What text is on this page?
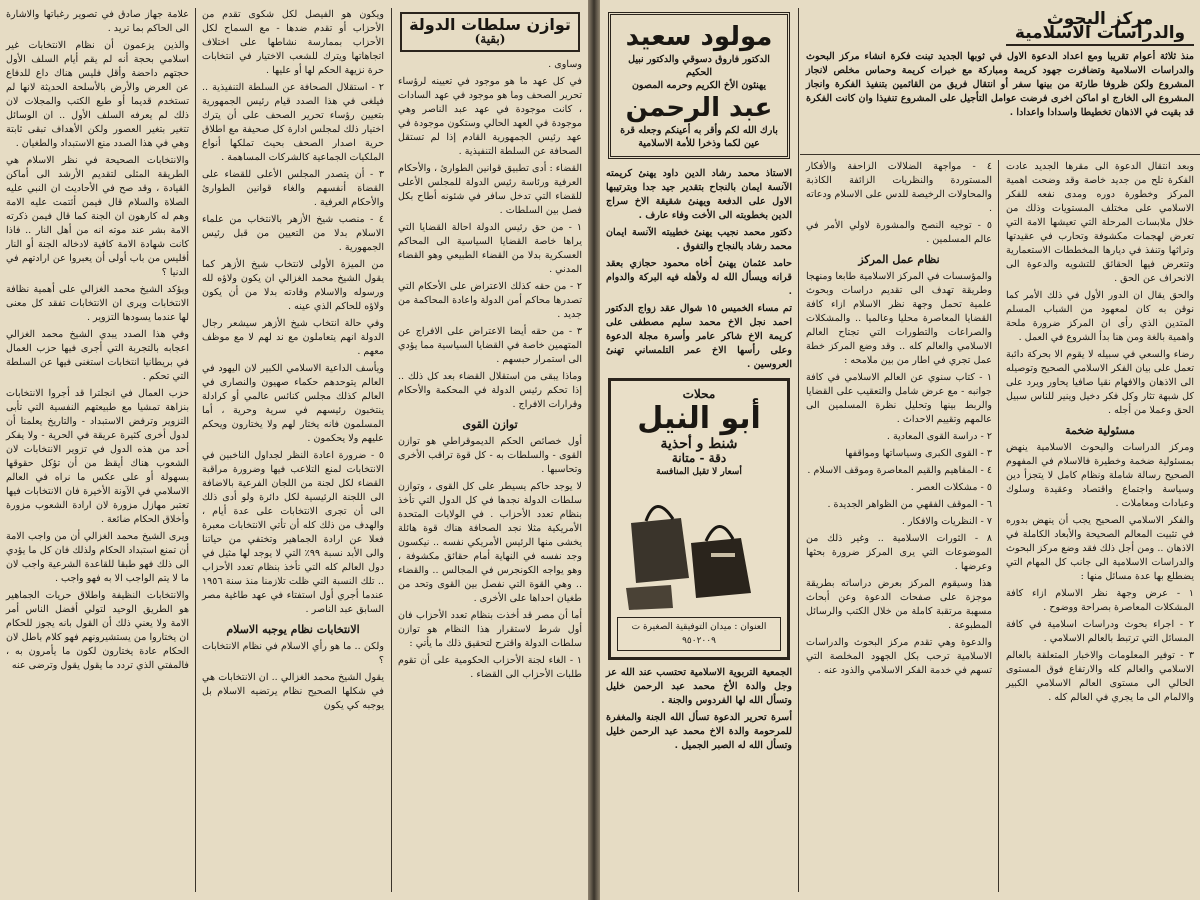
توازن سلطات الدولة
(بقية)

وساوى .

في كل عهد ما هو موجود في تعيينه لرؤساء تحرير الصحف وما هو موجود في عهد السادات ، كانت موجودة في عهد عبد الناصر وهي موجودة في العهد الحالي وستكون موجودة في عهد رئيس الجمهورية القادم إذا لم تستقل الصحافة عن السلطة التنفيذية .

القضاء : أدى تطبيق قوانين الطوارئ ، والأحكام العرفية ورئاسة رئيس الدولة للمجلس الأعلى للقضاء التي تدخل سافر في شئونه أطاح بكل فصل بين السلطات .

١ - من حق رئيس الدولة احالة القضايا التي يراها خاصة القضايا السياسية الى المحاكم العسكرية بدلا من القضاء الطبيعي وهو القضاء المدني .

٢ - من حقه كذلك الاعتراض على الأحكام التي تصدرها محاكم أمن الدولة واعادة المحاكمة من جديد .

٣ - من حقه أيضا الاعتراض على الافراج عن المتهمين خاصة في القضايا السياسية مما يؤدي الى استمرار حبسهم .

وماذا يبقى من استقلال القضاء بعد كل ذلك .. إذا تحكم رئيس الدولة في المحكمة والأحكام وقرارات الافراج .

توازن القوى

أول خصائص الحكم الديموقراطي هو توازن القوى - والسلطات به - كل قوة تراقب الأخرى وتحاسبها .

لا يوجد حاكم يسيطر على كل القوى ، وتوازن سلطات الدولة نجدها في كل الدول التي تأخذ بنظام تعدد الأحزاب . في الولايات المتحدة الأمريكية مثلا نجد الصحافة هناك قوة هائلة يخشى منها الرئيس الأمريكي نفسه .. نيكسون وجد نفسه في النهاية أمام حقائق مكشوفة ، وهو يواجه الكونجرس في المجالس .. والقضاء .. وهي القوة التي نفصل بين القوى وتحد من طغيان احداها على الأخرى .

أما أن مصر قد أخذت بنظام تعدد الأحزاب فان أول شرط لاستقرار هذا النظام هو توازن سلطات الدولة واقترح لتحقيق ذلك ما يأتي :

١ - الغاء لجنة الأحزاب الحكومية على أن تقوم طلبات الأحزاب الى القضاء .

ويكون هو الفيصل لكل شكوى تقدم من الأحزاب أو تقدم ضدها - مع السماح لكل الأحزاب بممارسة نشاطها على اختلاف اتجاهاتها ويترك للشعب الاختيار في انتخابات حرة نزيهة الحكم لها أو عليها .

٢ - استقلال الصحافة عن السلطة التنفيذية .. فيلغى في هذا الصدد قيام رئيس الجمهورية بتعيين رؤساء تحرير الصحف على أن يترك اختيار ذلك لمجلس ادارة كل صحيفة مع اطلاق حرية اصدار الصحف بحيث تملكها أنواع الملكيات الجماعية كالشركات المساهمة .

٣ - أن يتصدر المجلس الأعلى للقضاء على القضاة أنفسهم والغاء قوانين الطوارئ والأحكام العرفية .

٤ - منصب شيخ الأزهر بالانتخاب من علماء الاسلام بدلا من التعيين من قبل رئيس الجمهورية .

من الميزة الأولى لانتخاب شيخ الأزهر كما يقول الشيخ محمد الغزالي ان يكون ولاؤه لله ورسوله والاسلام وقادته بدلا من أن يكون ولاؤه للحاكم الذي عينه .

وفي حالة انتخاب شيخ الأزهر سيشعر رجال الدولة انهم يتعاملون مع ند لهم لا مع موظف معهم .

ويأسف الداعية الاسلامي الكبير لان اليهود في العالم يتوحدهم حكماء صهيون والنصارى في العالم كذلك مجلس كنائس عالمي أو كرادلة ينتخبون رئيسهم في سرية وحرية ، أما المسلمون فانه يختار لهم ولا يختارون ويحكم عليهم ولا يحكمون .

٥ - ضرورة اعادة النظر لجداول الناخبين في الانتخابات لمنع التلاعب فيها وضرورة مراقبة القضاء لكل لجنة من اللجان الفرعية بالاضافة الى اللجنة الرئيسية لكل دائرة ولو أدى ذلك الى أن تجرى الانتخابات على عدة أيام ، والهدف من ذلك كله أن تأتي الانتخابات معبرة فعلا عن ارادة الجماهير وتختفي من حياتنا والى الأبد نسبة ٩٩٪ التي لا يوجد لها مثيل في دول العالم كله التي تأخذ بنظام تعدد الأحزاب .. تلك النسبة التي ظلت تلازمنا منذ سنة ١٩٥٦ عندما أجري أول استفتاء في عهد طاغية مصر السابق عبد الناصر .

الانتخابات نظام يوجبه الاسلام

ولكن .. ما هو رأي الاسلام في نظام الانتخابات ؟

يقول الشيخ محمد الغزالي .. ان الانتخابات هي في شكلها الصحيح نظام يرتضيه الاسلام بل يوجبه كي يكون

علامة جهاز صادق في تصوير رغباتها والاشارة الى الحاكم بما تريد .

والذين يزعمون أن نظام الانتخابات غير اسلامي بحجة أنه لم يقم أيام السلف الأول حجتهم داحضة وأقل فليس هناك داع للدفاع عن العرض والأرض بالأسلحة الحديثة لانها لم تستخدم قديما أو طبع الكتب والمجلات لان ذلك لم يعرفه السلف الأول .. ان الوسائل تتغير بتغير العصور ولكن الأهداف تبقى ثابتة وهي في هذا الصدد منع الاستبداد والطغيان .

والانتخابات الصحيحة في نظر الاسلام هي الطريقة المثلى لتقديم الأرشد الى أماكن القيادة ، وقد صح في الأحاديث ان النبي عليه الصلاة والسلام قال فيمن أئتمت عليه الامة وهم له كارهون ان الجنة كما قال فيمن ذكرته الامة بشر عند موته انه من أهل النار .. فاذا كانت شهادة الامة كافية لادخاله الجنة أو النار أفليس من باب أولى أن يعبروا عن ارادتهم في الدنيا ؟

ويؤكد الشيخ محمد الغزالي على أهمية نظافة الانتخابات ويرى ان الانتخابات تفقد كل معنى لها عندما يسودها التزوير .

وفي هذا الصدد يبدي الشيخ محمد الغزالي اعجابه بالتجربة التي أجرى فيها حزب العمال في بريطانيا انتخابات استغنى فيها عن السلطة التي تحكم .

حزب العمال في انجلترا قد أجروا الانتخابات بنزاهة تمشيا مع طبيعتهم النفسية التي تأبى التزوير وترفض الاستبداد - والتاريخ يعلمنا أن لدول أخرى كثيرة عريقة في الحرية - ولا يفكر أحد من هذه الدول في تزوير الانتخابات لان الشعوب هناك أيقظ من أن تؤكل حقوقها بسهولة أو على عكس ما نراه في العالم الاسلامي في الآونة الأخيرة فان الانتخابات فيها تعتبر مهازل مزورة لان ارادة الشعوب مزورة وأخلاق الحكام ضائعة .

ويرى الشيخ محمد الغزالي أن من واجب الامة أن تمنع استبداد الحكام ولذلك فان كل ما يؤدي الى ذلك فهو طبقا للقاعدة الشرعية واجب لان ما لا يتم الواجب الا به فهو واجب .

والانتخابات النظيفة واطلاق حريات الجماهير هو الطريق الوحيد لتولي أفضل الناس أمر الامة ولا يعني ذلك أن القول بانه يجوز للحكام ان يختاروا من يستشيرونهم فهو كلام باطل لان الحكام عادة يختارون لكون ما يأمرون به ، فالمفتي الذي تردد ما يقول يقول وترضى عنه

مركز البحوث والدراسات الاسلامية

منذ ثلاثة أعوام تقريبا ومع اعداد الدعوة الاول في ثوبها الجديد تبنت فكرة انشاء مركز البحوث والدراسات الاسلامية وتضافرت جهود كريمة ومباركة مع خبرات كريمة وحماس مخلص لانجاز المشروع ولكن ظروفا طارئة من بينها سفر أو انتقال فريق من القائمين بتنفيذ الفكرة وانجاز المشروع الى الخارج او اماكن اخرى فرضت عوامل التأجيل على المشروع تنفيذا وان كانت الفكرة قد بقيت في الاذهان تخطيطا واسدادا واعدادا .

وبعد انتقال الدعوة الى مقرها الجديد عادت الفكرة تلح من جديد خاصة وقد وضحت اهمية المركز وخطورة دوره ومدى نفعه للفكر الاسلامي على مختلف المستويات وذلك من خلال ملابسات المرحلة التي تعيشها الامة التي تعرض لهجمات مكشوفة وتحارب في عقيدتها وتراثها وتنفذ في ديارها المخططات الاستعمارية وتتعرض فيها الحقائق للتشويه والدعوة الى الانحراف عن الحق .

والحق يقال ان الدور الأول في ذلك الأمر كما نوقن به كان لمعهود من الشباب المسلم المتدين الذي رأى ان المركز ضرورة ملحة واهمية بالغة ومن هنا بدأ الشروع في العمل .

رضاء والسعي في سبيله لا يقوم الا بحركة دائبة تعمل على بيان الفكر الاسلامي الصحيح وتوصيله الى الاذهان والافهام نقيا صافيا يحاور ويرد على كل شبهة تثار وكل فكر دخيل وينير للناس سبيل الحق وعملا من أجله .

مسئولية ضخمة

ومركز الدراسات والبحوث الاسلامية ينهض بمسئولية ضخمة وخطيرة فالاسلام في المفهوم الصحيح رسالة شاملة ونظام كامل لا يتجزأ دين وسياسة واجتماع واقتصاد وعقيدة وسلوك وعبادات ومعاملات .

والفكر الاسلامي الصحيح يجب أن ينهض بدوره في تثبيت المعالم الصحيحة والأبعاد الكاملة في الاذهان .. ومن أجل ذلك فقد وضع مركز البحوث والدراسات الاسلامية الى جانب كل المهام التي يضطلع بها عدة مسائل منها :

١ - عرض وجهة نظر الاسلام ازاء كافة المشكلات المعاصرة بصراحة ووضوح .

٢ - اجراء بحوث ودراسات اسلامية في كافة المسائل التي ترتبط بالعالم الاسلامي .

٣ - توفير المعلومات والاخبار المتعلقة بالعالم الاسلامي والعالم كله والارتفاع فوق المستوى الحالي الى مستوى العالم الاسلامي الكبير والالمام الى ما يجري في العالم كله .

٤ - مواجهة الضلالات الزاحفة والأفكار المستوردة والنظريات الزائفة الكاذبة والمحاولات الرخيصة للدس على الاسلام ودعاته .

٥ - توجيه النصح والمشورة لاولي الأمر في عالم المسلمين .

نظام عمل المركز

والمؤسسات في المركز الاسلامية طابعا ومنهجا وطريقة تهدف الى تقديم دراسات وبحوث علمية تحمل وجهة نظر الاسلام ازاء كافة القضايا المعاصرة محليا وعالميا .. والمشكلات والصراعات والتطورات التي تجتاح العالم الاسلامي والعالم كله .. وقد وضع المركز خطة عمل تجري في اطار من بين ملامحه :

١ - كتاب سنوي عن العالم الاسلامي في كافة جوانبه - مع عرض شامل والتعقيب على القضايا والربط بينها وتحليل نظرة المسلمين الى عالمهم وتقييم الاحداث .

٢ - دراسة القوى المعادية .

٣ - القوى الكبرى وسياساتها ومواقفها

٤ - المفاهيم والقيم المعاصرة وموقف الاسلام .

٥ - مشكلات العصر .

٦ - الموقف الفقهي من الظواهر الجديدة .

٧ - النظريات والافكار .

٨ - الثورات الاسلامية .. وغير ذلك من الموضوعات التي يرى المركز ضرورة بحثها وعرضها .

هذا وسيقوم المركز بعرض دراساته بطريقة موجزة على صفحات الدعوة وعن أبحاث مسهبة مرتقبة كاملة من خلال الكتب والرسائل المطبوعة .

والدعوة وهي تقدم مركز البحوث والدراسات الاسلامية ترحب بكل الجهود المخلصة التي تسهم في خدمة الفكر الاسلامي والذود عنه .

مولود سعيد
الدكتور فاروق دسوقي والدكتور نبيل الحكيم
يهنئون الأخ الكريم وحرمه المصون
عبد الرحمن
بارك الله لكم وأقر به أعينكم وجعله قرة عين لكما وذخرا للأمة الاسلامية

الاستاذ محمد رشاد الدين داود يهنئ كريمته الآنسة ايمان بالنجاح بتقدير جيد جدا وبترتيبها الاول على الدفعة ويهنئ شقيقة الاخ سراج الدين بخطوبته الى الأخت وفاء عارف .

دكتور محمد نجيب يهنئ خطيبته الآنسة ايمان محمد رشاد بالنجاح والتفوق .

حامد عثمان يهنئ أخاه محمود حجازي بعقد قرانه ويسأل الله له ولأهله فيه البركة والدوام .

تم مساء الخميس ١٥ شوال عقد زواج الدكتور احمد نجل الاخ محمد سليم مصطفى على كريمة الاخ شاكر عامر وأسرة مجلة الدعوة وعلى رأسها الاخ عمر التلمساني تهنئ العروسين .

محلات
أبو النيل
شنط و أحذية
دقة - متانة
أسعار لا تقبل المنافسة
العنوان : ميدان التوفيقية الصغيرة ت ٩٥٠٢٠٠٩

الجمعية التربوية الاسلامية تحتسب عند الله عز وجل والدة الأخ محمد عبد الرحمن خليل وتسأل الله لها الفردوس والجنة .

أسرة تحرير الدعوة تسأل الله الجنة والمغفرة للمرحومة والدة الاخ محمد عبد الرحمن خليل وتسأل الله له الصبر الجميل .
